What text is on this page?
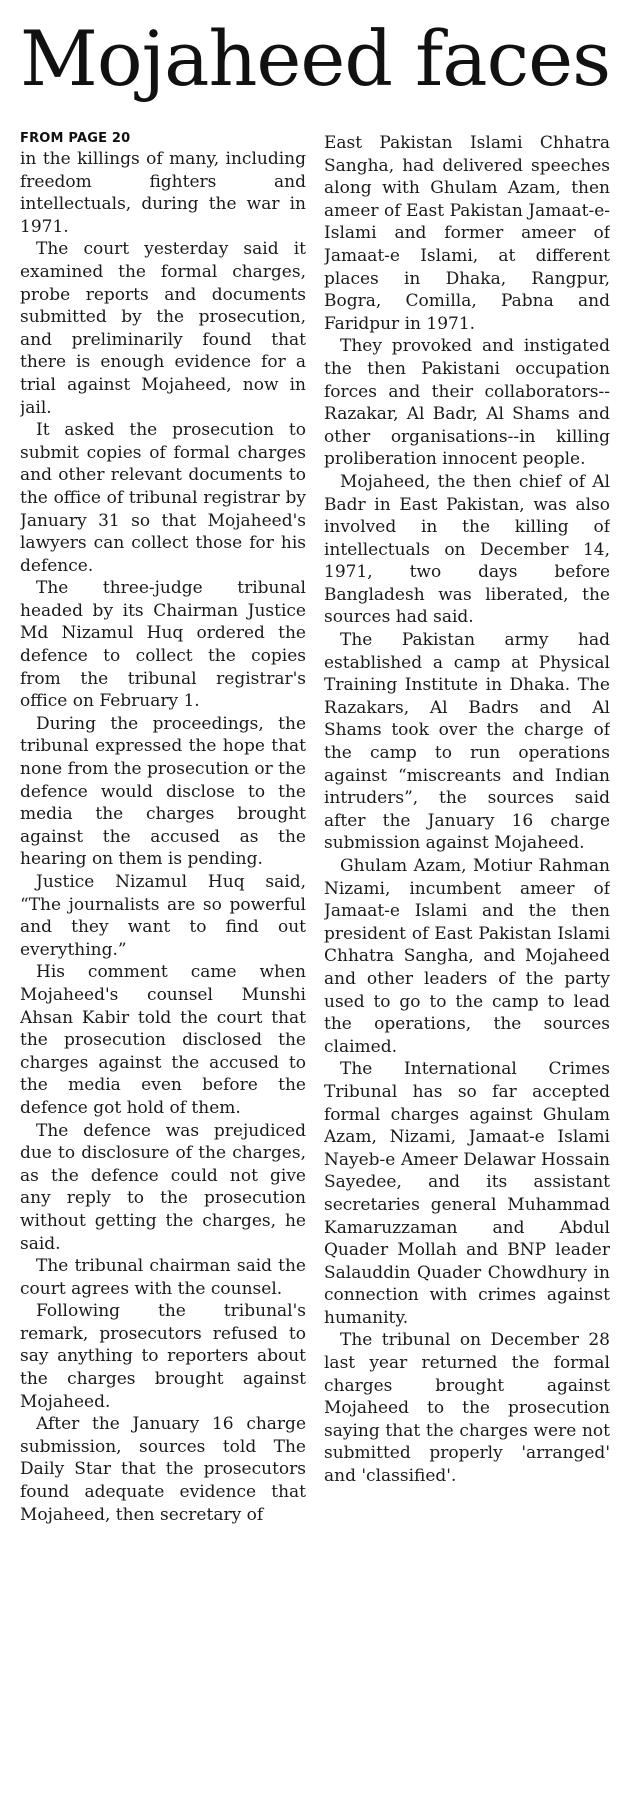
Mojaheed faces
FROM PAGE 20

in the killings of many, including freedom fighters and intellectuals, during the war in 1971.

The court yesterday said it examined the formal charges, probe reports and documents submitted by the prosecution, and preliminarily found that there is enough evidence for a trial against Mojaheed, now in jail.

It asked the prosecution to submit copies of formal charges and other relevant documents to the office of tribunal registrar by January 31 so that Mojaheed's lawyers can collect those for his defence.

The three-judge tribunal headed by its Chairman Justice Md Nizamul Huq ordered the defence to collect the copies from the tribunal registrar's office on February 1.

During the proceedings, the tribunal expressed the hope that none from the prosecution or the defence would disclose to the media the charges brought against the accused as the hearing on them is pending.

Justice Nizamul Huq said, “The journalists are so powerful and they want to find out everything.”

His comment came when Mojaheed's counsel Munshi Ahsan Kabir told the court that the prosecution disclosed the charges against the accused to the media even before the defence got hold of them.

The defence was prejudiced due to disclosure of the charges, as the defence could not give any reply to the prosecution without getting the charges, he said.

The tribunal chairman said the court agrees with the counsel.

Following the tribunal's remark, prosecutors refused to say anything to reporters about the charges brought against Mojaheed.

After the January 16 charge submission, sources told The Daily Star that the prosecutors found adequate evidence that Mojaheed, then secretary of

East Pakistan Islami Chhatra Sangha, had delivered speeches along with Ghulam Azam, then ameer of East Pakistan Jamaat-e-Islami and former ameer of Jamaat-e Islami, at different places in Dhaka, Rangpur, Bogra, Comilla, Pabna and Faridpur in 1971.

They provoked and instigated the then Pakistani occupation forces and their collaborators--Razakar, Al Badr, Al Shams and other organisations--in killing proliberation innocent people.

Mojaheed, the then chief of Al Badr in East Pakistan, was also involved in the killing of intellectuals on December 14, 1971, two days before Bangladesh was liberated, the sources had said.

The Pakistan army had established a camp at Physical Training Institute in Dhaka. The Razakars, Al Badrs and Al Shams took over the charge of the camp to run operations against “miscreants and Indian intruders”, the sources said after the January 16 charge submission against Mojaheed.

Ghulam Azam, Motiur Rahman Nizami, incumbent ameer of Jamaat-e Islami and the then president of East Pakistan Islami Chhatra Sangha, and Mojaheed and other leaders of the party used to go to the camp to lead the operations, the sources claimed.

The International Crimes Tribunal has so far accepted formal charges against Ghulam Azam, Nizami, Jamaat-e Islami Nayeb-e Ameer Delawar Hossain Sayedee, and its assistant secretaries general Muhammad Kamaruzzaman and Abdul Quader Mollah and BNP leader Salauddin Quader Chowdhury in connection with crimes against humanity.

The tribunal on December 28 last year returned the formal charges brought against Mojaheed to the prosecution saying that the charges were not submitted properly 'arranged' and 'classified'.
